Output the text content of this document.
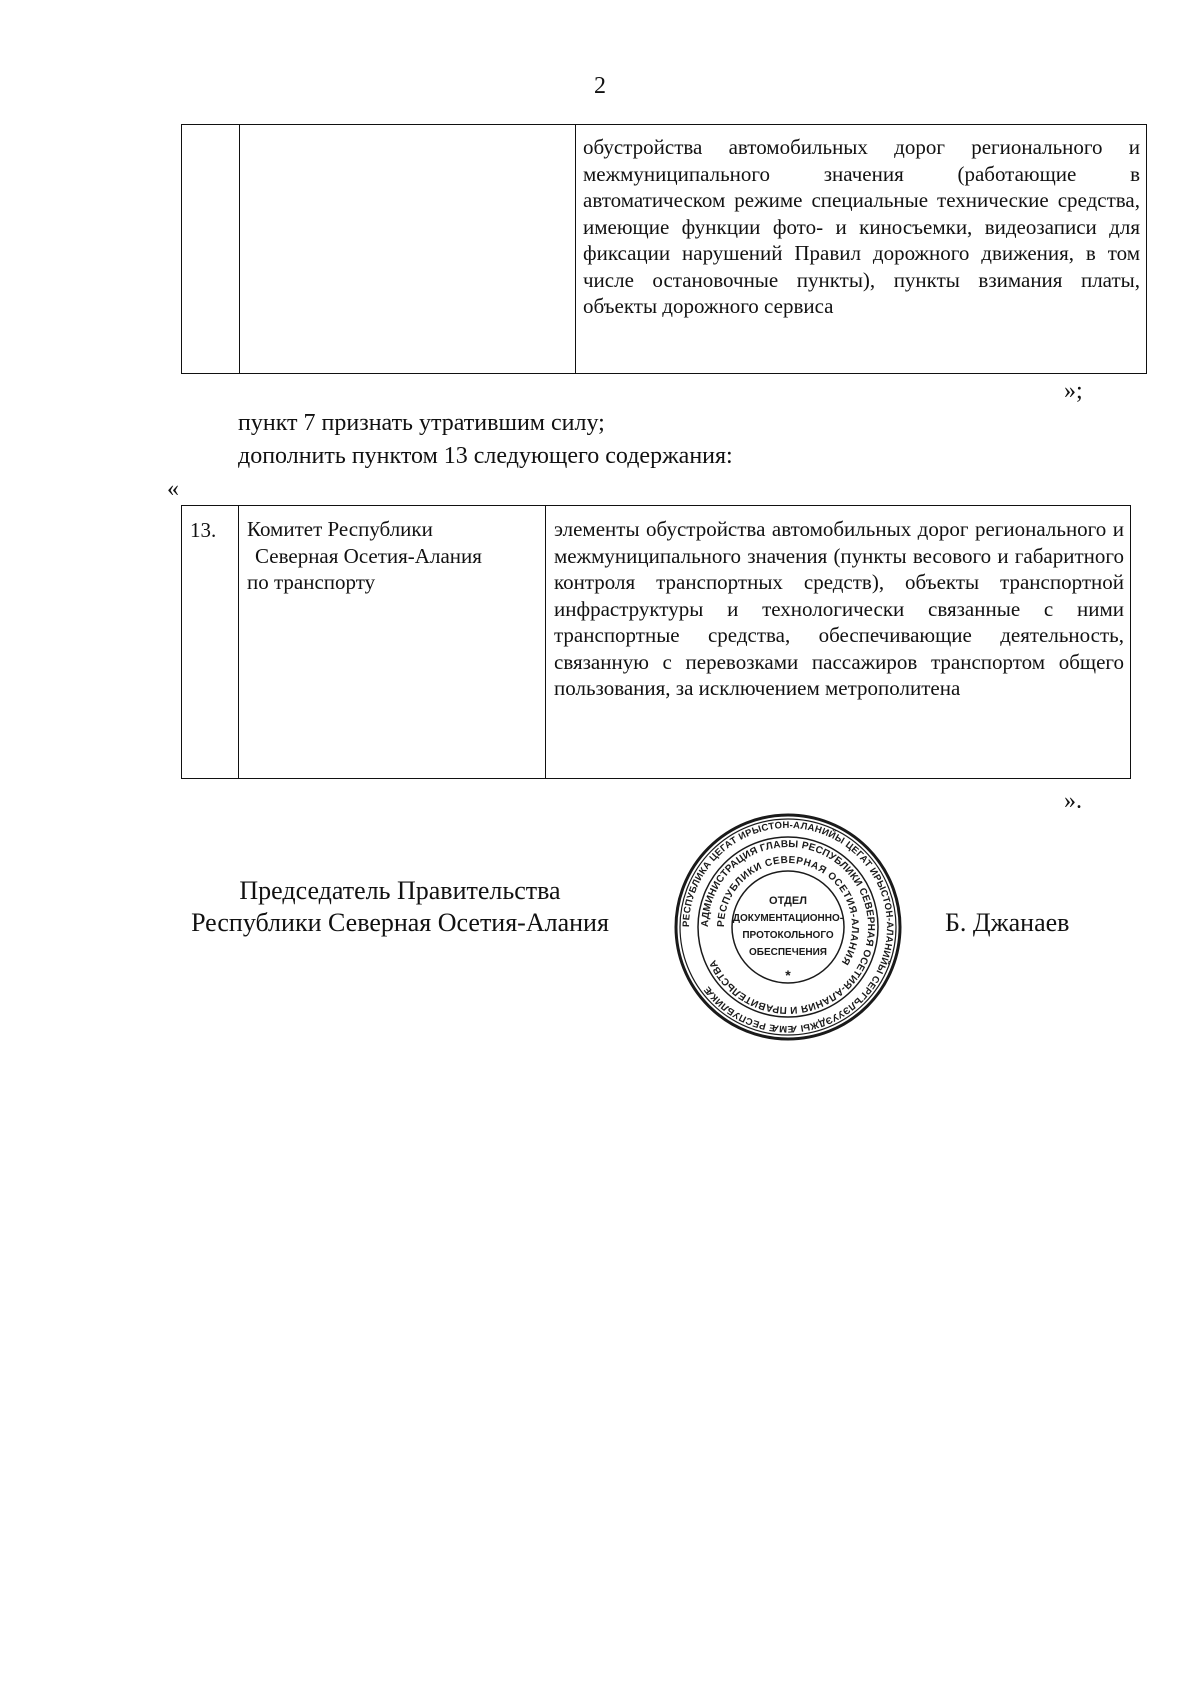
2
		обустройства автомобильных дорог регионального и межмуниципального значения (работающие в автоматическом режиме специальные технические средства, имеющие функции фото- и киносъемки, видеозаписи для фиксации нарушений Правил дорожного движения, в том числе остановочные пункты), пункты взимания платы, объекты дорожного сервиса
»;
пункт 7 признать утратившим силу;
дополнить пунктом 13 следующего содержания:
«
13.	Комитет Республики
Северная Осетия-Алания
по транспорту
	элементы обустройства автомобильных дорог регионального и межмуниципального значения (пункты весового и габаритного контроля транспортных средств), объекты транспортной инфраструктуры и технологически связанные с ними транспортные средства, обеспечивающие деятельность, связанную с перевозками пассажиров транспортом общего пользования, за исключением метрополитена
».
Председатель Правительства
Республики Северная Осетия-Алания	РЕСПУБЛИКА ЦЕГАТ ИРЫСТОН-АЛАНИЙЫ ЦЕГАТ ИРЫСТОН-АЛАНИЙЫ СЕРГЪЛЭУУЭДЖЫ ӔМӔ РЕСПУБЛИКӔ
АДМИНИСТРАЦИЯ ГЛАВЫ РЕСПУБЛИКИ СЕВЕРНАЯ ОСЕТИЯ-АЛАНИЯ И ПРАВИТЕЛЬСТВА
РЕСПУБЛИКИ СЕВЕРНАЯ ОСЕТИЯ-АЛАНИЯ
ОТДЕЛ
ДОКУМЕНТАЦИОННО-
ПРОТОКОЛЬНОГО
ОБЕСПЕЧЕНИЯ
*
Б. Джанаев
